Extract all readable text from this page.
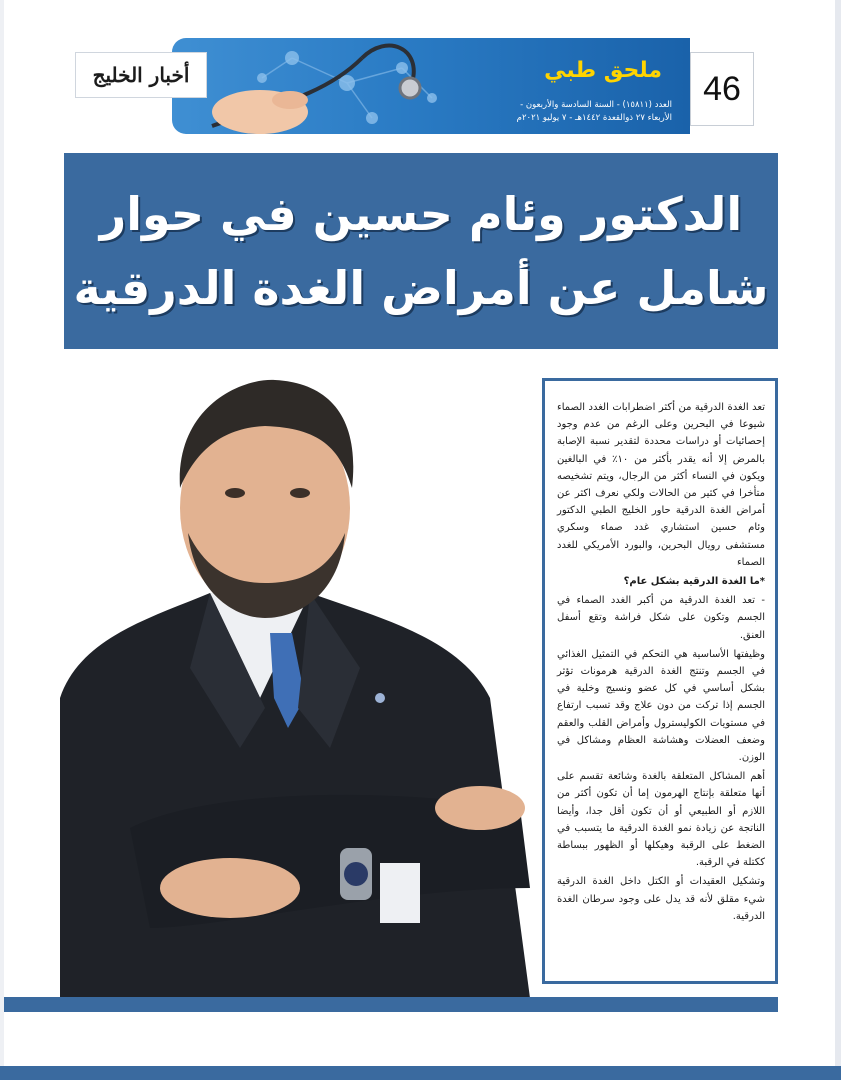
ملحق طبي
العدد (١٥٨١١) - السنة السادسة والأربعون -
الأربعاء ٢٧ ذوالقعدة ١٤٤٢هـ - ٧ يوليو ٢٠٢١م
أخبار الخليج	46
الدكتور وئام حسين في حوار
شامل عن أمراض الغدة الدرقية

تعد الغدة الدرقية من أكثر اضطرابات الغدد الصماء شيوعا في البحرين وعلى الرغم من عدم وجود إحصائيات أو دراسات محددة لتقدير نسبة الإصابة بالمرض إلا أنه يقدر بأكثر من ١٠٪ في البالغين ويكون في النساء أكثر من الرجال، ويتم تشخيصه متأخرا في كثير من الحالات ولكي نعرف اكثر عن أمراض الغدة الدرقية حاور الخليج الطبي الدكتور وئام حسين استشاري غدد صماء وسكري مستشفى رويال البحرين، والبورد الأمريكي للغدد الصماء

*ما الغدة الدرقية بشكل عام؟

- تعد الغدة الدرقية من أكبر الغدد الصماء في الجسم وتكون على شكل فراشة وتقع أسفل العنق.

وظيفتها الأساسية هي التحكم في التمثيل الغذائي في الجسم وتنتج الغدة الدرقية هرمونات تؤثر بشكل أساسي في كل عضو ونسيج وخلية في الجسم إذا تركت من دون علاج وقد تسبب ارتفاع في مستويات الكوليسترول وأمراض القلب والعقم وضعف العضلات وهشاشة العظام ومشاكل في الوزن.

أهم المشاكل المتعلقة بالغدة وشائعة تقسم على أنها متعلقة بإنتاج الهرمون إما أن تكون أكثر من اللازم أو الطبيعي أو أن تكون أقل جدا، وأيضا الناتجة عن زيادة نمو الغدة الدرقية ما يتسبب في الضغط على الرقبة وهيكلها أو الظهور ببساطة ككتلة في الرقبة.

وتشكيل العقيدات أو الكتل داخل الغدة الدرقية شيء مقلق لأنه قد يدل على وجود سرطان الغدة الدرقية.
